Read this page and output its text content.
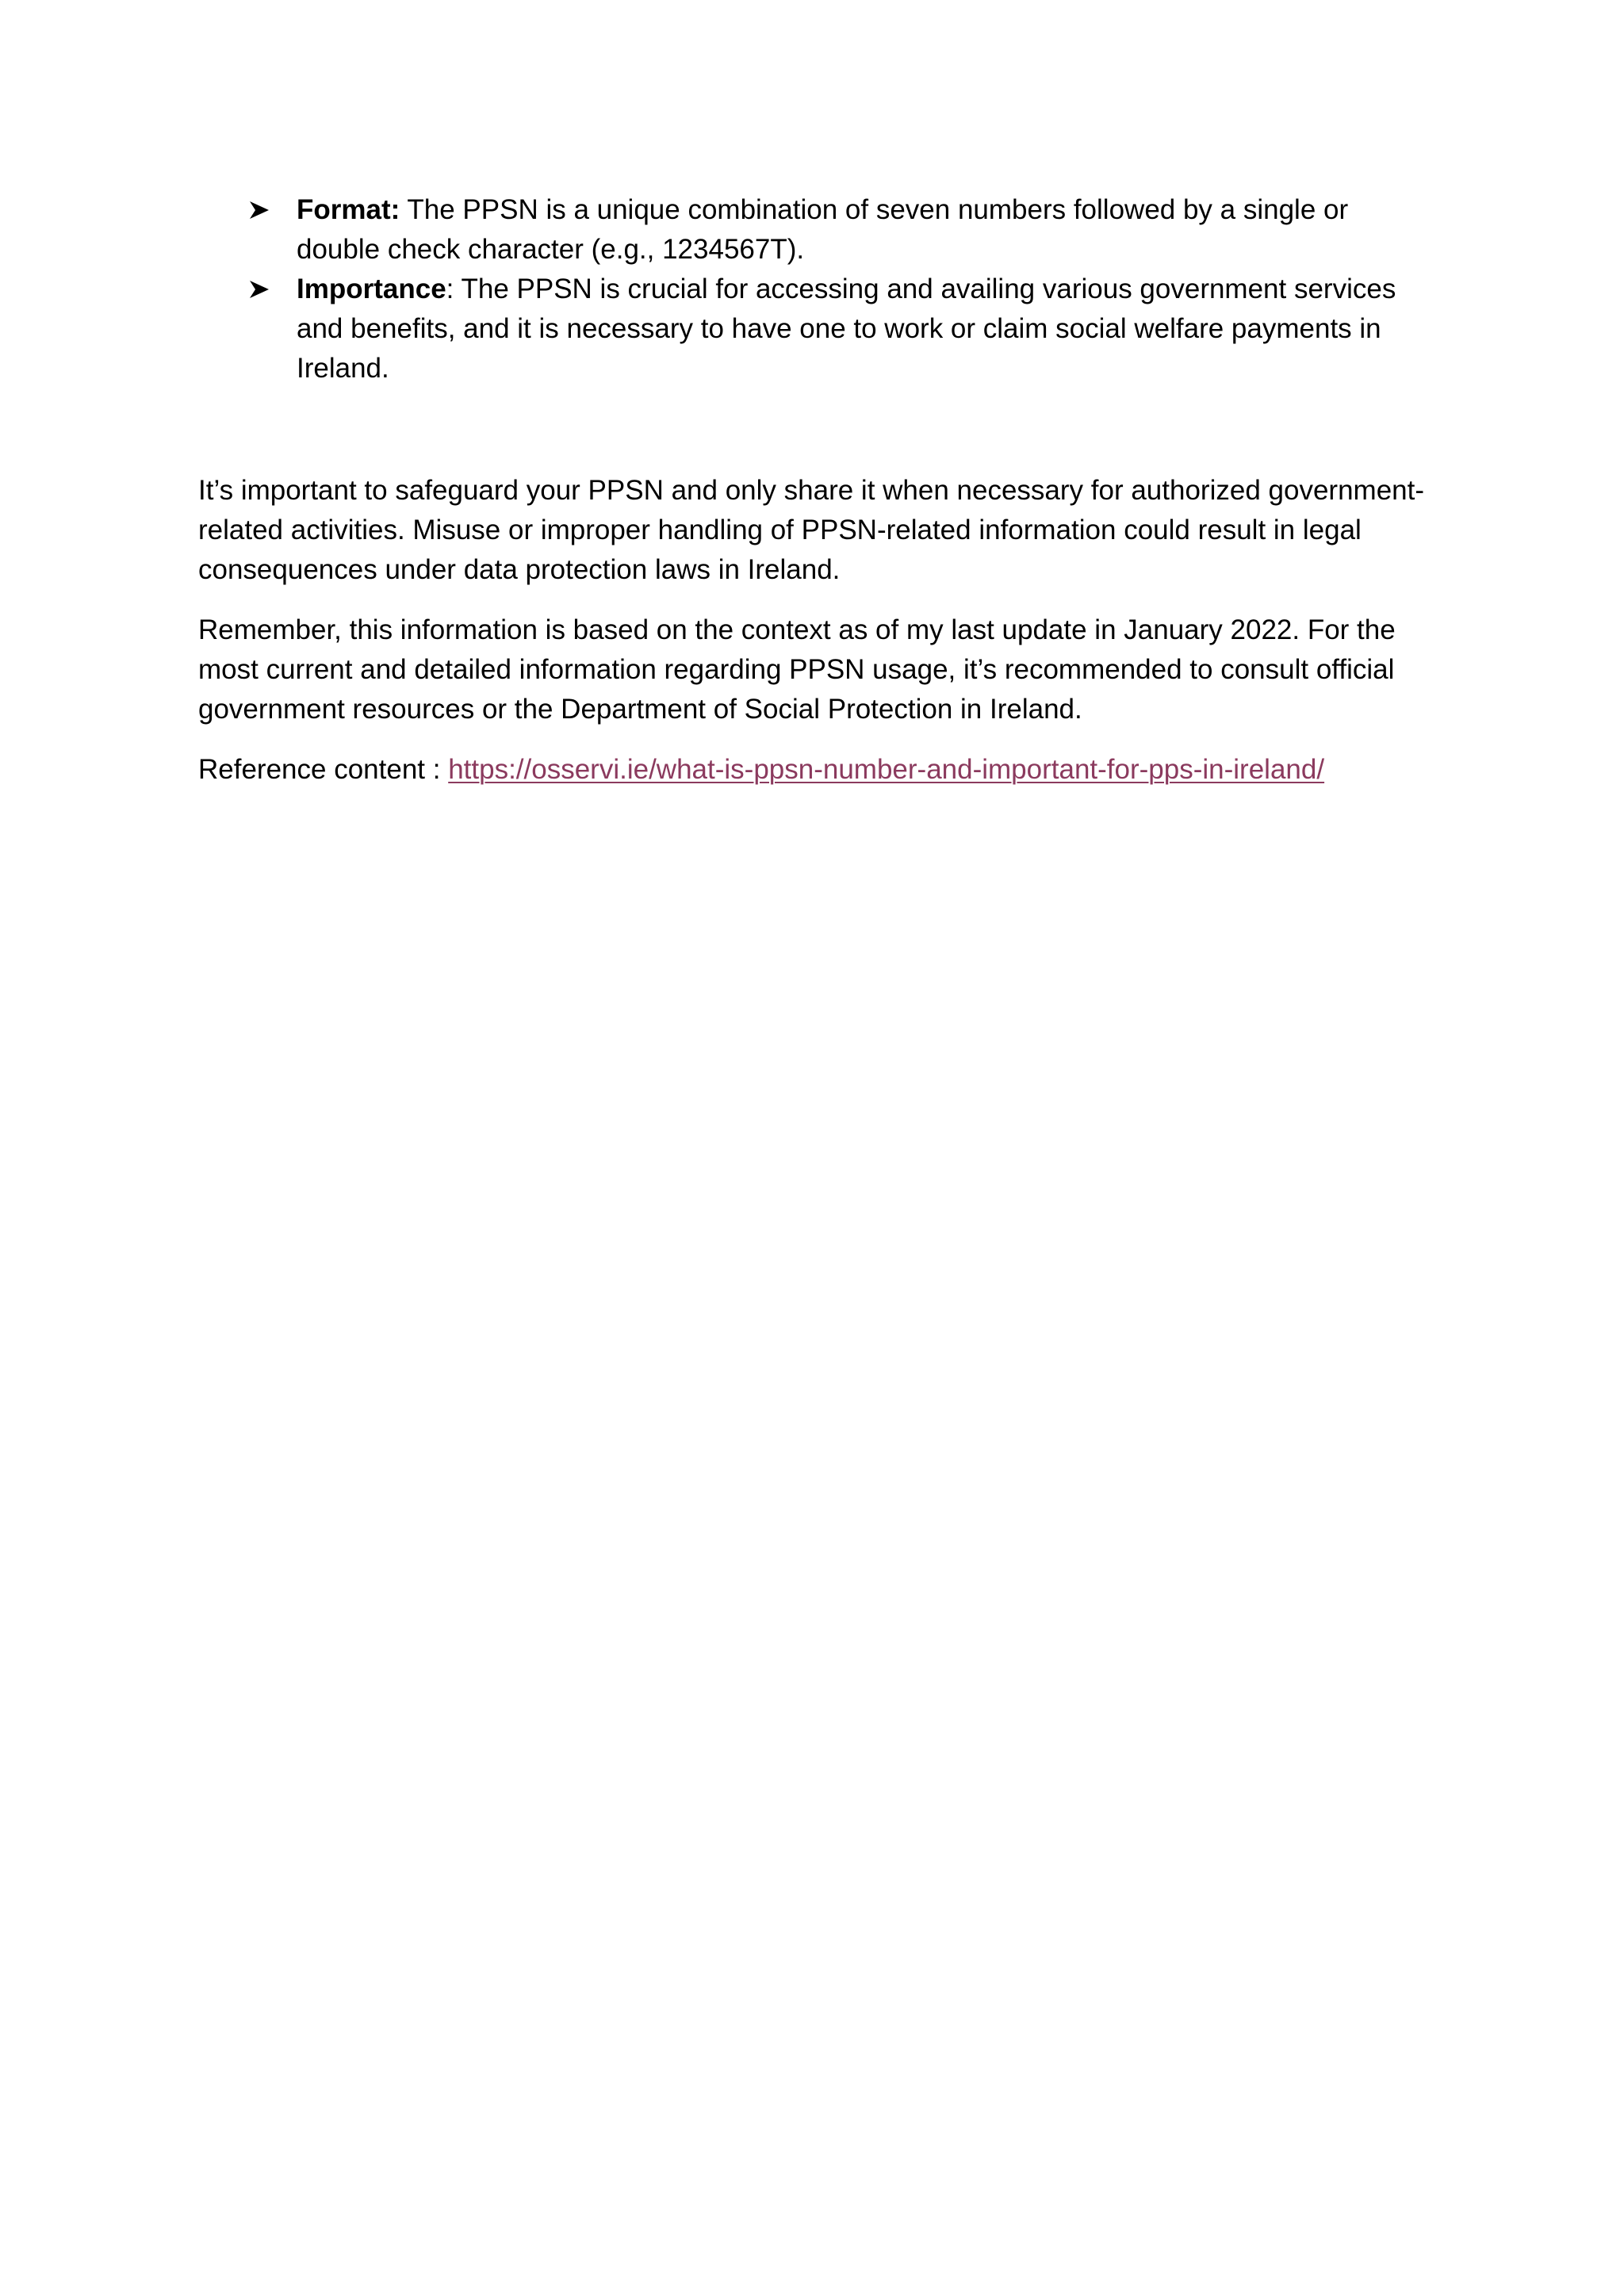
Format: The PPSN is a unique combination of seven numbers followed by a single or double check character (e.g., 1234567T).
Importance: The PPSN is crucial for accessing and availing various government services and benefits, and it is necessary to have one to work or claim social welfare payments in Ireland.

It’s important to safeguard your PPSN and only share it when necessary for authorized government-related activities. Misuse or improper handling of PPSN-related information could result in legal consequences under data protection laws in Ireland.

Remember, this information is based on the context as of my last update in January 2022. For the most current and detailed information regarding PPSN usage, it’s recommended to consult official government resources or the Department of Social Protection in Ireland.

Reference content : https://osservi.ie/what-is-ppsn-number-and-important-for-pps-in-ireland/
